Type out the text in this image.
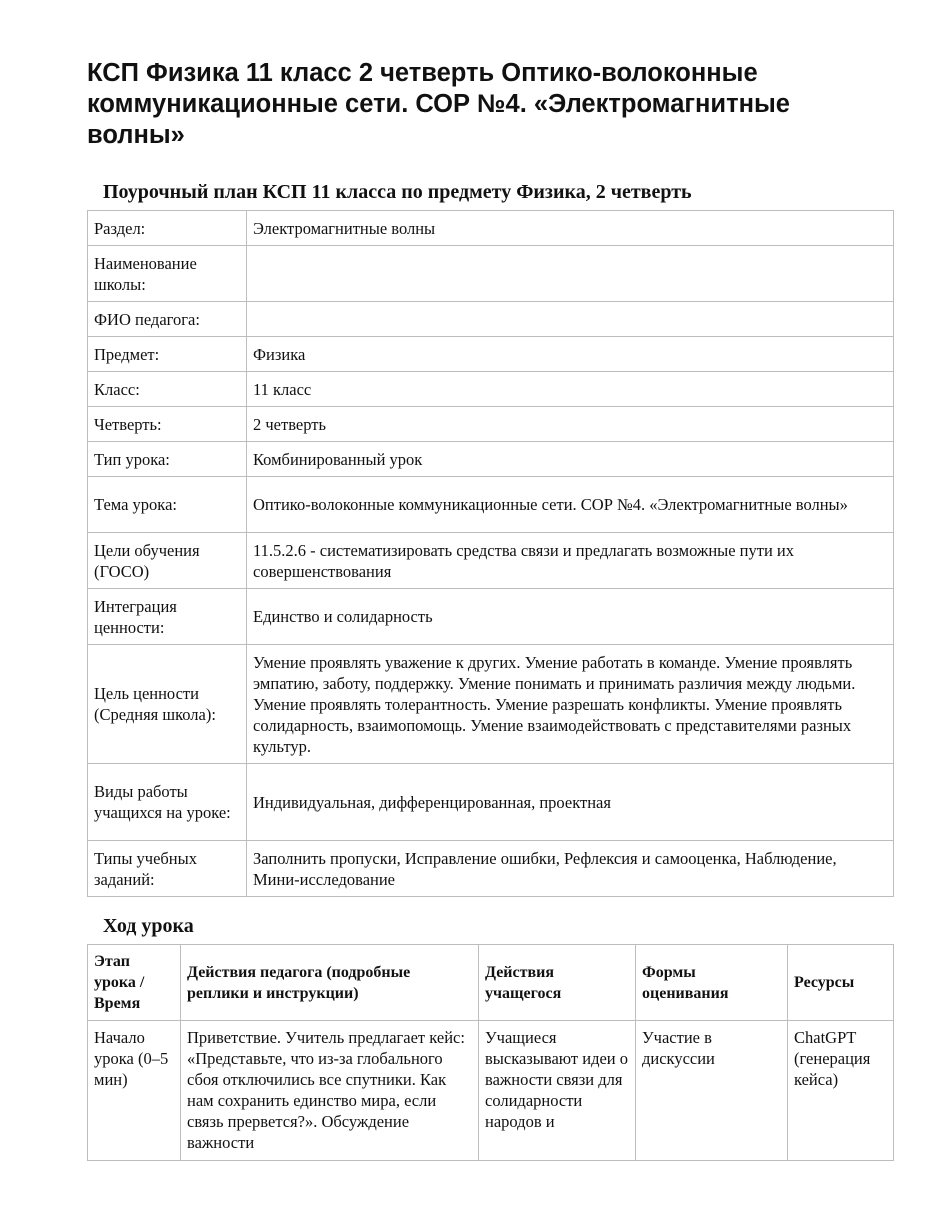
КСП Физика 11 класс 2 четверть Оптико-волоконные коммуникационные сети. СОР №4. «Электромагнитные волны»
Поурочный план КСП 11 класса по предмету Физика, 2 четверть
Раздел:	Электромагнитные волны
Наименование школы:	
ФИО педагога:	
Предмет:	Физика
Класс:	11 класс
Четверть:	2 четверть
Тип урока:	Комбинированный урок
Тема урока:	Оптико-волоконные коммуникационные сети. СОР №4. «Электромагнитные волны»
Цели обучения (ГОСО)	11.5.2.6 - систематизировать средства связи и предлагать возможные пути их совершенствования
Интеграция ценности:	Единство и солидарность
Цель ценности (Средняя школа):	Умение проявлять уважение к других. Умение работать в команде. Умение проявлять эмпатию, заботу, поддержку. Умение понимать и принимать различия между людьми. Умение проявлять толерантность. Умение разрешать конфликты. Умение проявлять солидарность, взаимопомощь. Умение взаимодействовать с представителями разных культур.
Виды работы учащихся на уроке:	Индивидуальная, дифференцированная, проектная
Типы учебных заданий:	Заполнить пропуски, Исправление ошибки, Рефлексия и самооценка, Наблюдение, Мини-исследование
Ход урока
Этап урока / Время	Действия педагога (подробные реплики и инструкции)	Действия учащегося	Формы оценивания	Ресурсы
Начало урока (0–5 мин)	Приветствие. Учитель предлагает кейс: «Представьте, что из-за глобального сбоя отключились все спутники. Как нам сохранить единство мира, если связь прервется?». Обсуждение важности	Учащиеся высказывают идеи о важности связи для солидарности народов и	Участие в дискуссии	ChatGPT (генерация кейса)
